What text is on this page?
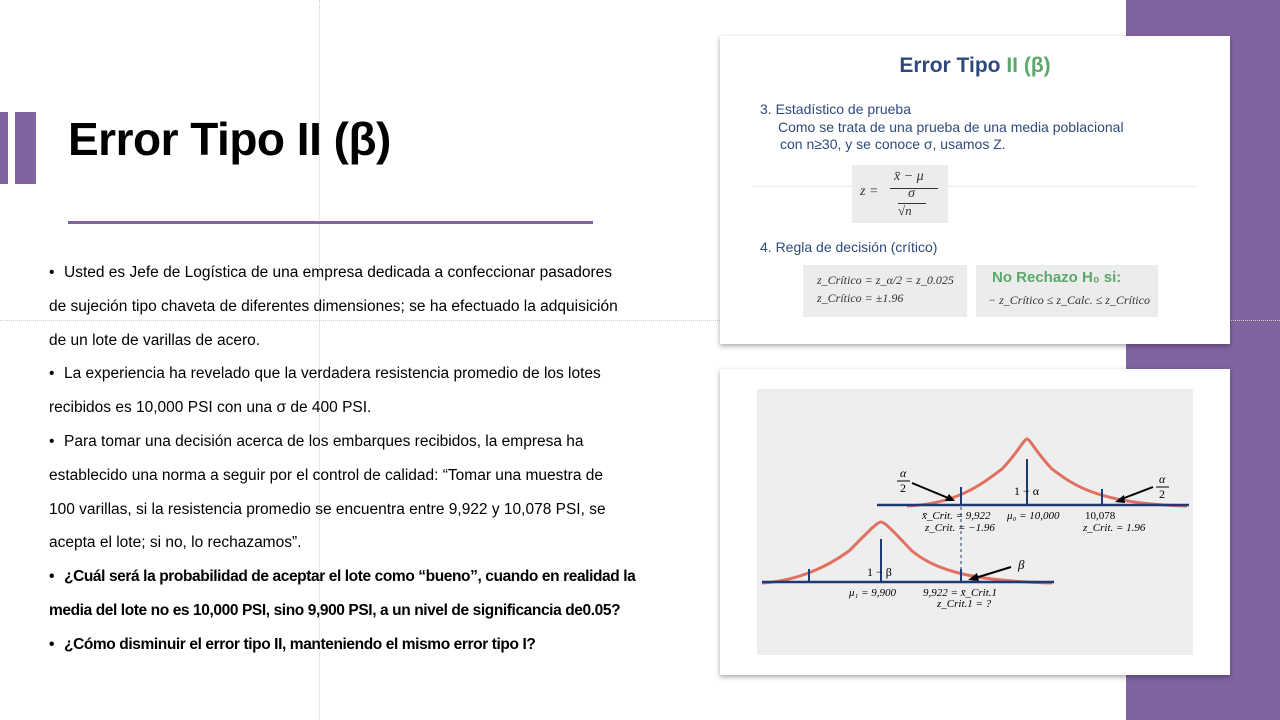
Error Tipo II (β)

• Usted es Jefe de Logística de una empresa dedicada a confeccionar pasadores

de sujeción tipo chaveta de diferentes dimensiones; se ha efectuado la adquisición

de un lote de varillas de acero.

• La experiencia ha revelado que la verdadera resistencia promedio de los lotes

recibidos es 10,000 PSI con una σ de 400 PSI.

• Para tomar una decisión acerca de los embarques recibidos, la empresa ha

establecido una norma a seguir por el control de calidad: “Tomar una muestra de

100 varillas, si la resistencia promedio se encuentra entre 9,922 y 10,078 PSI, se

acepta el lote; si no, lo rechazamos”.

• ¿Cuál será la probabilidad de aceptar el lote como “bueno”, cuando en realidad la

media del lote no es 10,000 PSI, sino 9,900 PSI, a un nivel de significancia de0.05?

• ¿Cómo disminuir el error tipo II, manteniendo el mismo error tipo I?

Error Tipo II (β)
3. Estadístico de prueba
Como se trata de una prueba de una media poblacional
con n≥30, y se conoce σ, usamos Z.
z =
x̄ − μ
σ
√n
4. Regla de decisión (crítico)
z_Crítico = z_α/2 = z_0.025
z_Crítico = ±1.96
No Rechazo H₀ si:
− z_Crítico ≤ z_Calc. ≤ z_Crítico
α
2
α
2
1 − α
x̄_Crit. = 9,922 μ₀ = 10,000 10,078
z_Crit. = −1.96	z_Crit. = 1.96
1 − β	β
μ₁ = 9,900 9,922 = x̄_Crit.1
z_Crit.1 = ?
